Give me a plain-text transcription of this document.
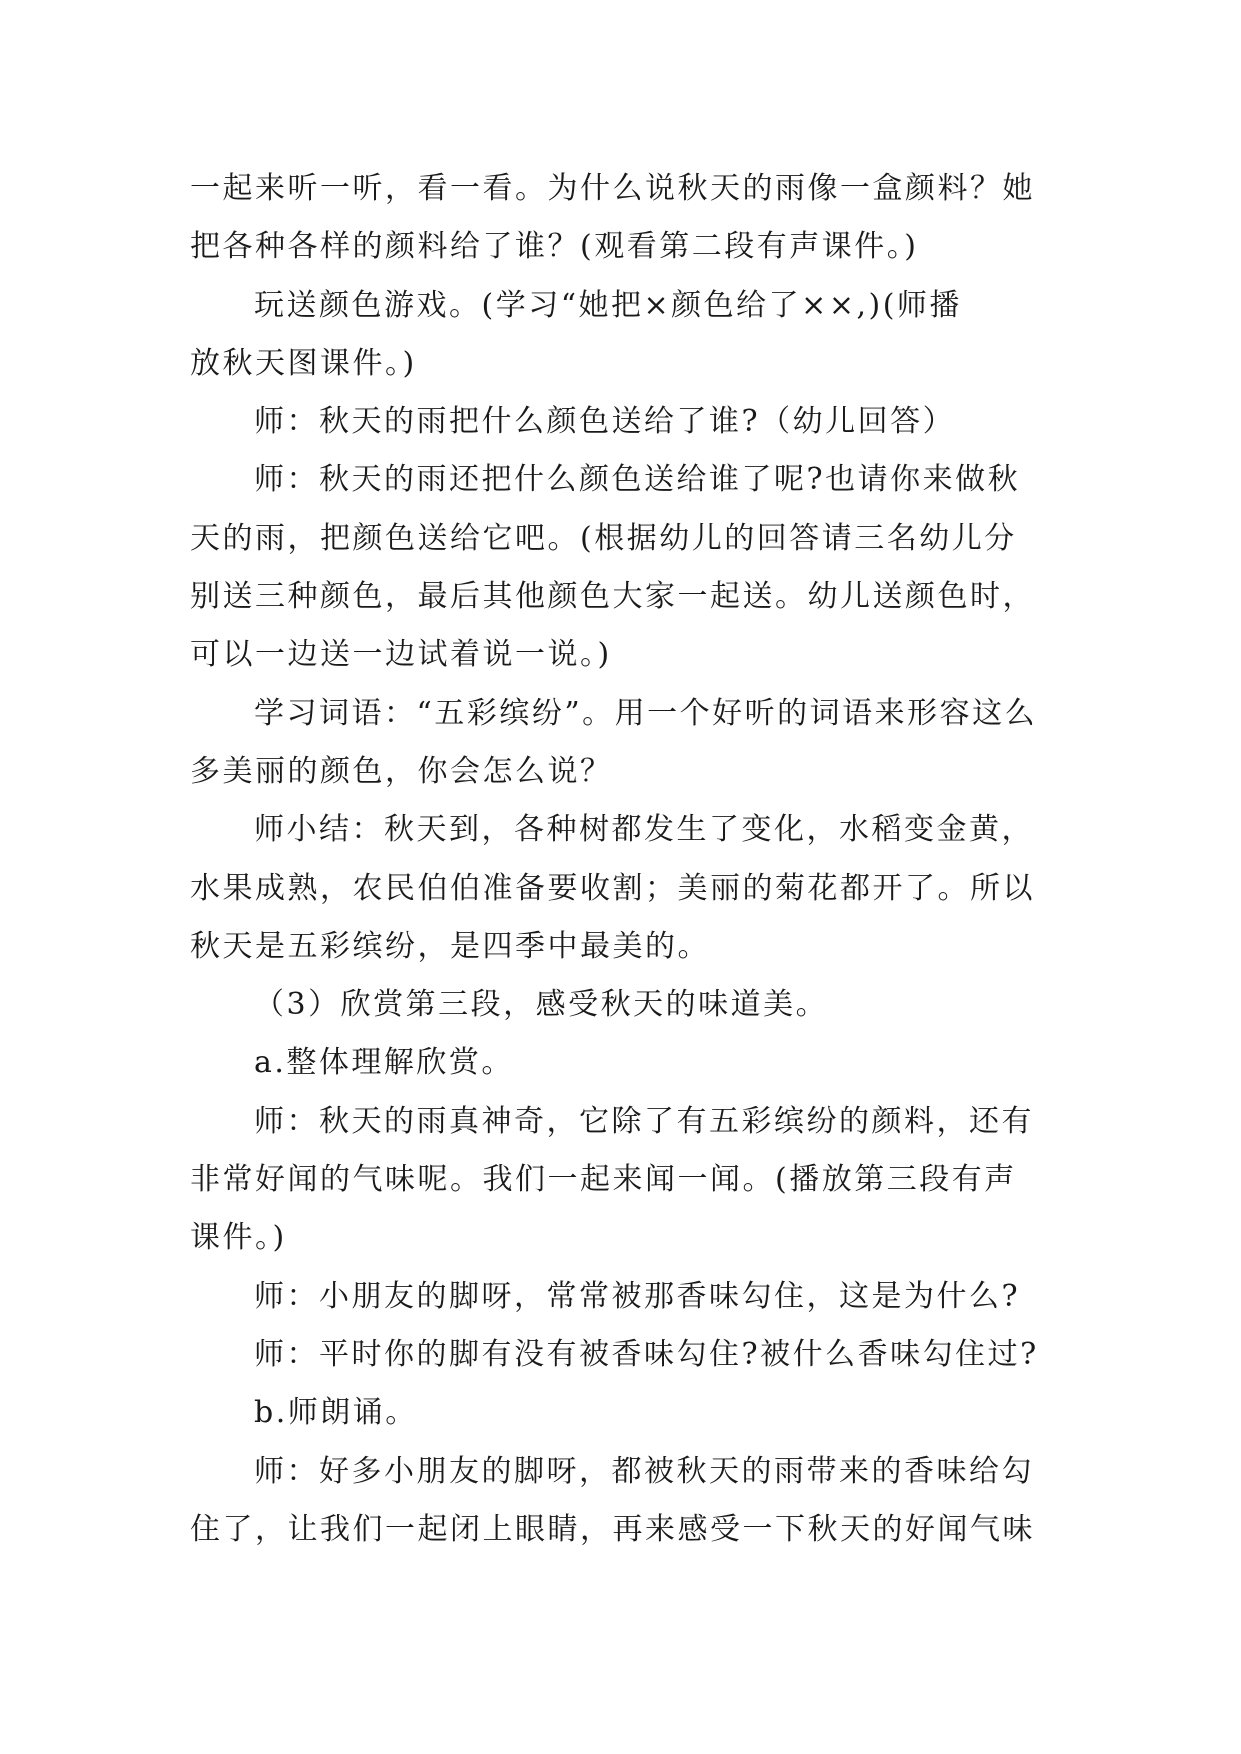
一起来听一听，看一看。为什么说秋天的雨像一盒颜料？她
把各种各样的颜料给了谁？(观看第二段有声课件。)

玩送颜色游戏。(学习“她把×颜色给了××,)(师播
放秋天图课件。)

师：秋天的雨把什么颜色送给了谁?（幼儿回答）

师：秋天的雨还把什么颜色送给谁了呢?也请你来做秋
天的雨，把颜色送给它吧。(根据幼儿的回答请三名幼儿分
别送三种颜色，最后其他颜色大家一起送。幼儿送颜色时，
可以一边送一边试着说一说。)

学习词语：“五彩缤纷”。用一个好听的词语来形容这么
多美丽的颜色，你会怎么说？

师小结：秋天到，各种树都发生了变化，水稻变金黄，
水果成熟，农民伯伯准备要收割；美丽的菊花都开了。所以
秋天是五彩缤纷，是四季中最美的。

（3）欣赏第三段，感受秋天的味道美。

a.整体理解欣赏。

师：秋天的雨真神奇，它除了有五彩缤纷的颜料，还有
非常好闻的气味呢。我们一起来闻一闻。(播放第三段有声
课件。)

师：小朋友的脚呀，常常被那香味勾住，这是为什么?

师：平时你的脚有没有被香味勾住?被什么香味勾住过?

b.师朗诵。

师：好多小朋友的脚呀，都被秋天的雨带来的香味给勾
住了，让我们一起闭上眼睛，再来感受一下秋天的好闻气味
